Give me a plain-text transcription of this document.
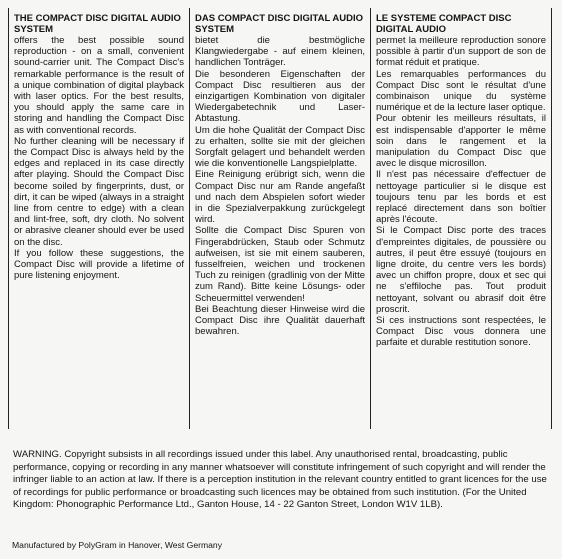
THE COMPACT DISC DIGITAL AUDIO SYSTEM

offers the best possible sound reproduction - on a small, convenient sound-carrier unit. The Compact Disc's remarkable performance is the result of a unique combination of digital playback with laser optics. For the best results, you should apply the same care in storing and handling the Compact Disc as with conventional records.

No further cleaning will be necessary if the Compact Disc is always held by the edges and replaced in its case directly after playing. Should the Compact Disc become soiled by fingerprints, dust, or dirt, it can be wiped (always in a straight line from centre to edge) with a clean and lint-free, soft, dry cloth. No solvent or abrasive cleaner should ever be used on the disc.

If you follow these suggestions, the Compact Disc will provide a lifetime of pure listening enjoyment.

DAS COMPACT DISC DIGITAL AUDIO SYSTEM

bietet die bestmögliche Klangwiedergabe - auf einem kleinen, handlichen Tonträger.

Die besonderen Eigenschaften der Compact Disc resultieren aus der einzigartigen Kombination von digitaler Wiedergabetechnik und Laser-Abtastung.

Um die hohe Qualität der Compact Disc zu erhalten, sollte sie mit der gleichen Sorgfalt gelagert und behandelt werden wie die konventionelle Langspielplatte.

Eine Reinigung erübrigt sich, wenn die Compact Disc nur am Rande angefaßt und nach dem Abspielen sofort wieder in die Spezialverpakkung zurückgelegt wird.

Sollte die Compact Disc Spuren von Fingerabdrücken, Staub oder Schmutz aufweisen, ist sie mit einem sauberen, fusselfreien, weichen und trockenen Tuch zu reinigen (gradlinig von der Mitte zum Rand). Bitte keine Lösungs- oder Scheuermittel verwenden!

Bei Beachtung dieser Hinweise wird die Compact Disc ihre Qualität dauerhaft bewahren.

LE SYSTEME COMPACT DISC DIGITAL AUDIO

permet la meilleure reproduction sonore possible à partir d'un support de son de format réduit et pratique.

Les remarquables performances du Compact Disc sont le résultat d'une combinaison unique du système numérique et de la lecture laser optique.

Pour obtenir les meilleurs résultats, il est indispensable d'apporter le même soin dans le rangement et la manipulation du Compact Disc que avec le disque microsillon.

Il n'est pas nécessaire d'effectuer de nettoyage particulier si le disque est toujours tenu par les bords et est replacé directement dans son boîtier après l'écoute.

Si le Compact Disc porte des traces d'empreintes digitales, de poussière ou autres, il peut être essuyé (toujours en ligne droite, du centre vers les bords) avec un chiffon propre, doux et sec qui ne s'effiloche pas. Tout produit nettoyant, solvant ou abrasif doit être proscrit.

Si ces instructions sont respectées, le Compact Disc vous donnera une parfaite et durable restitution sonore.

WARNING. Copyright subsists in all recordings issued under this label. Any unauthorised rental, broadcasting, public performance, copying or recording in any manner whatsoever will constitute infringement of such copyright and will render the infringer liable to an action at law. If there is a perception institution in the relevant country entitled to grant licences for the use of recordings for public performance or broadcasting such licences may be obtained from such institution. (For the United Kingdom: Phonographic Performance Ltd., Ganton House, 14 - 22 Ganton Street, London W1V 1LB).

Manufactured by PolyGram in Hanover, West Germany
